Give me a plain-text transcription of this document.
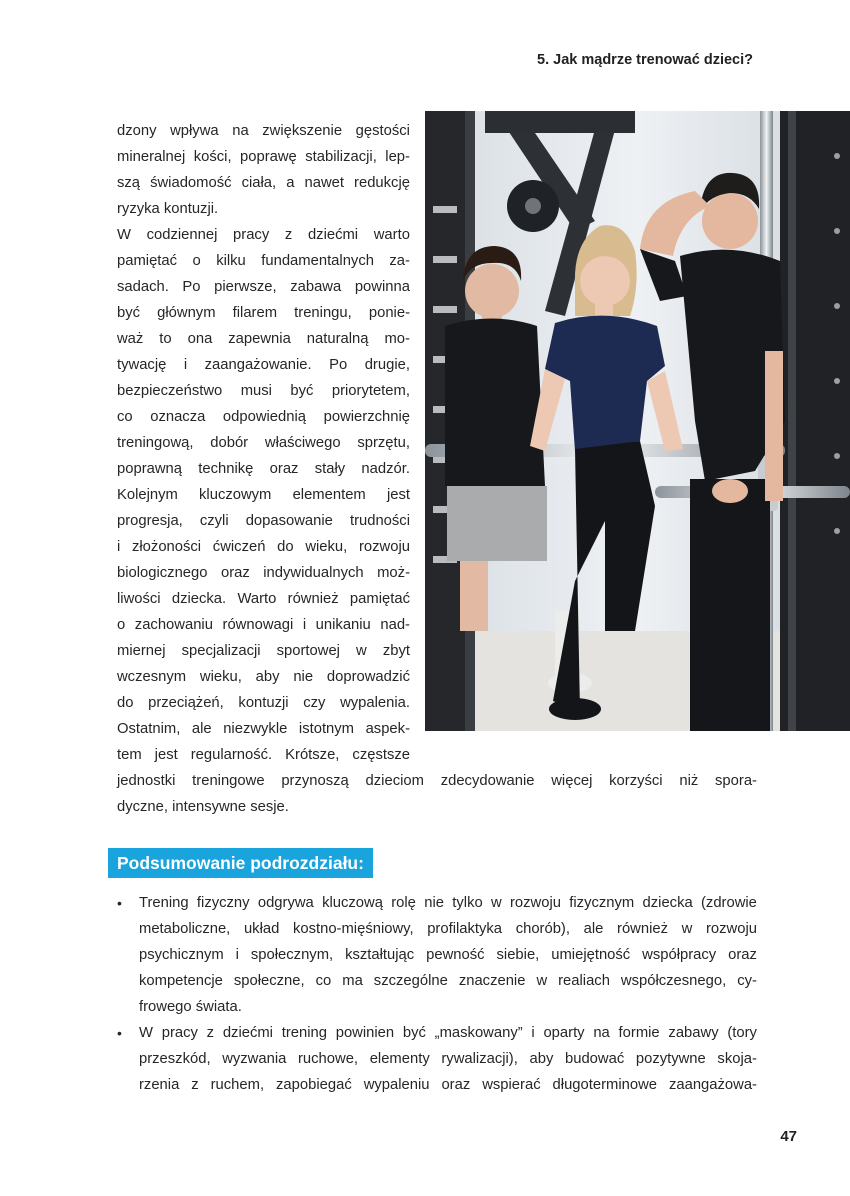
5. Jak mądrze trenować dzieci?
dzony wpływa na zwiększenie gęstości
mineralnej kości, poprawę stabilizacji, lep-
szą świadomość ciała, a nawet redukcję
ryzyka kontuzji.
W codziennej pracy z dziećmi warto
pamiętać o kilku fundamentalnych za-
sadach. Po pierwsze, zabawa powinna
być głównym filarem treningu, ponie-
waż to ona zapewnia naturalną mo-
tywację i zaangażowanie. Po drugie,
bezpieczeństwo musi być priorytetem,
co oznacza odpowiednią powierzchnię
treningową, dobór właściwego sprzętu,
poprawną technikę oraz stały nadzór.
Kolejnym kluczowym elementem jest
progresja, czyli dopasowanie trudności
i złożoności ćwiczeń do wieku, rozwoju
biologicznego oraz indywidualnych moż-
liwości dziecka. Warto również pamiętać
o zachowaniu równowagi i unikaniu nad-
miernej specjalizacji sportowej w zbyt
wczesnym wieku, aby nie doprowadzić
do przeciążeń, kontuzji czy wypalenia.
Ostatnim, ale niezwykle istotnym aspek-
tem jest regularność. Krótsze, częstsze
jednostki treningowe przynoszą dzieciom zdecydowanie więcej korzyści niż spora-
dyczne, intensywne sesje.
Podsumowanie podrozdziału:
• Trening fizyczny odgrywa kluczową rolę nie tylko w rozwoju fizycznym dziecka (zdrowie
metaboliczne, układ kostno-mięśniowy, profilaktyka chorób), ale również w rozwoju
psychicznym i społecznym, kształtując pewność siebie, umiejętność współpracy oraz
kompetencje społeczne, co ma szczególne znaczenie w realiach współczesnego, cy-
frowego świata.
• W pracy z dziećmi trening powinien być „maskowany” i oparty na formie zabawy (tory
przeszkód, wyzwania ruchowe, elementy rywalizacji), aby budować pozytywne skoja-
rzenia z ruchem, zapobiegać wypaleniu oraz wspierać długoterminowe zaangażowa-
47
